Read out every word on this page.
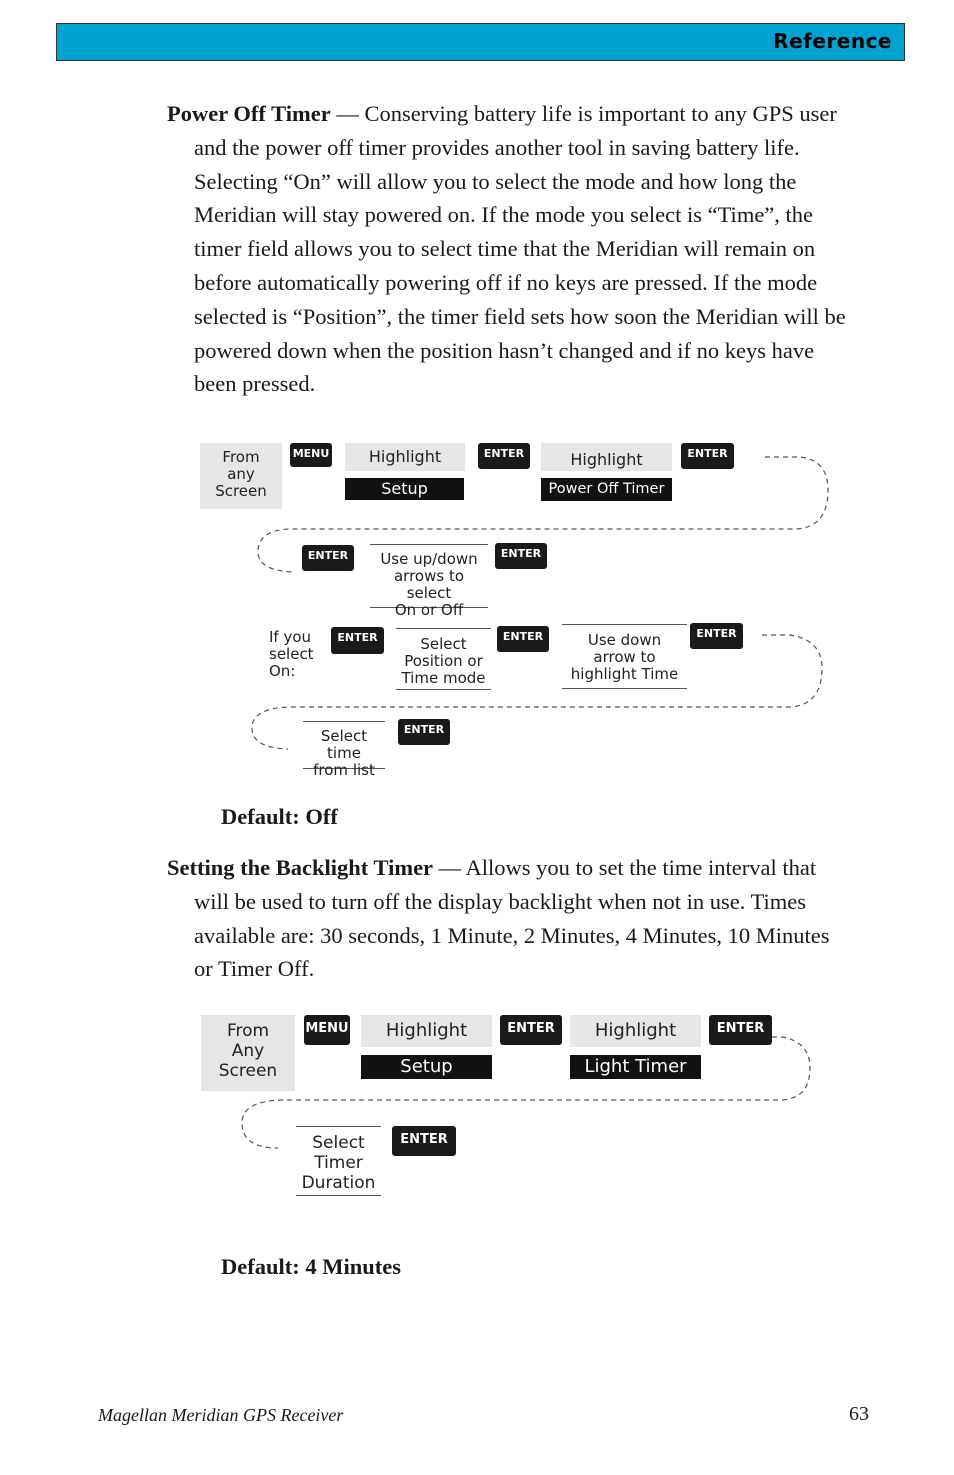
Reference

Power Off Timer — Conserving battery life is important to any GPS user

and the power off timer provides another tool in saving battery life.

Selecting “On” will allow you to select the mode and how long the

Meridian will stay powered on. If the mode you select is “Time”, the

timer field allows you to select time that the Meridian will remain on

before automatically powering off if no keys are pressed. If the mode

selected is “Position”, the timer field sets how soon the Meridian will be

powered down when the position hasn’t changed and if no keys have

been pressed.

From
any
Screen
MENU	Highlight
Setup
ENTER	Highlight
Power Off Timer
ENTER
ENTER	Use up/down
arrows to select
On or Off
ENTER
If you
select
On:
ENTER	Select
Position or
Time mode
ENTER	Use down
arrow to
highlight Time
ENTER
Select time
from list
ENTER
Default: Off

Setting the Backlight Timer — Allows you to set the time interval that

will be used to turn off the display backlight when not in use. Times

available are: 30 seconds, 1 Minute, 2 Minutes, 4 Minutes, 10 Minutes

or Timer Off.

From
Any
Screen
MENU	Highlight
Setup
ENTER	Highlight
Light Timer
ENTER
Select
Timer
Duration
ENTER
Default: 4 Minutes
Magellan Meridian GPS Receiver	63
